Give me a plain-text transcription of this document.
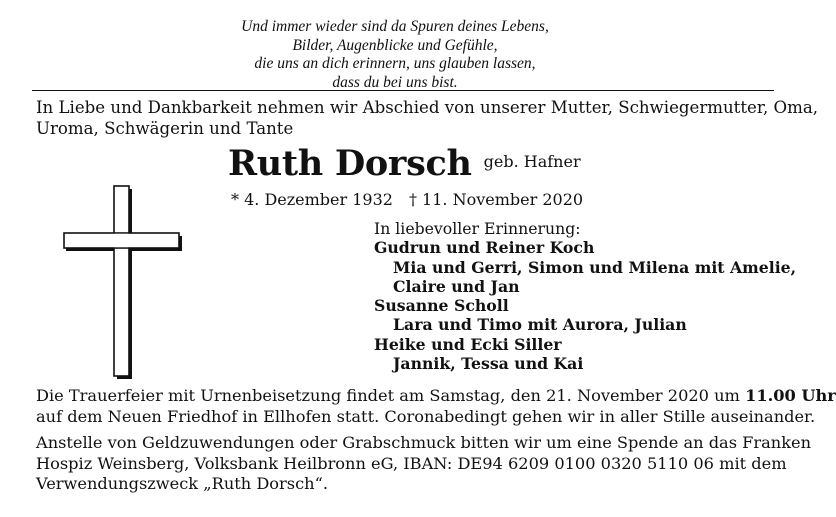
Und immer wieder sind da Spuren deines Lebens,
Bilder, Augenblicke und Gefühle,
die uns an dich erinnern, uns glauben lassen,
dass du bei uns bist.
In Liebe und Dankbarkeit nehmen wir Abschied von unserer Mutter, Schwiegermutter, Oma,
Uroma, Schwägerin und Tante
Ruth Dorsch geb. Hafner
* 4. Dezember 1932 † 11. November 2020
In liebevoller Erinnerung:
Gudrun und Reiner Koch
Mia und Gerri, Simon und Milena mit Amelie,
Claire und Jan
Susanne Scholl
Lara und Timo mit Aurora, Julian
Heike und Ecki Siller
Jannik, Tessa und Kai
Die Trauerfeier mit Urnenbeisetzung findet am Samstag, den 21. November 2020 um 11.00 Uhr
auf dem Neuen Friedhof in Ellhofen statt. Coronabedingt gehen wir in aller Stille auseinander.
Anstelle von Geldzuwendungen oder Grabschmuck bitten wir um eine Spende an das Franken
Hospiz Weinsberg, Volksbank Heilbronn eG, IBAN: DE94 6209 0100 0320 5110 06 mit dem
Verwendungszweck „Ruth Dorsch“.
